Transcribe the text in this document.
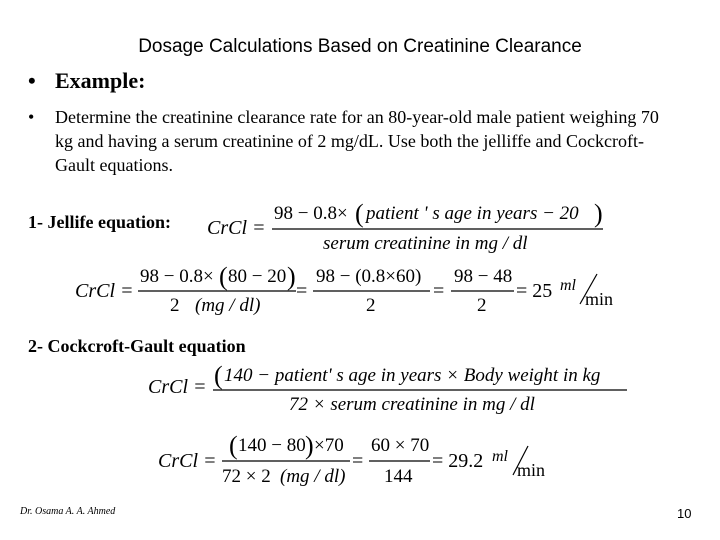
Dosage Calculations Based on Creatinine Clearance
• Example:
• Determine the creatinine clearance rate for an 80-year-old male patient weighing 70 kg and having a serum creatinine of 2 mg/dL. Use both the jelliffe and Cockcroft-Gault equations.
1- Jellife equation: CrCl =
98 − 0.8× ( patient ' s age in years − 20 )
serum creatinine in mg / dl
CrCl =
98 − 0.8× ( 80 − 20 )
2 (mg / dl)
=
98 − (0.8×60)
2
=
98 − 48
2
= 25 ml
min
2- Cockcroft-Gault equation
CrCl = ( 140 − patient' s age in years × Body weight in kg
72 × serum creatinine in mg / dl
CrCl =
( 140 − 80 ) ×70
72 × 2 (mg / dl)
=
60 × 70
144
= 29.2 ml
min
Dr. Osama A. A. Ahmed	10
